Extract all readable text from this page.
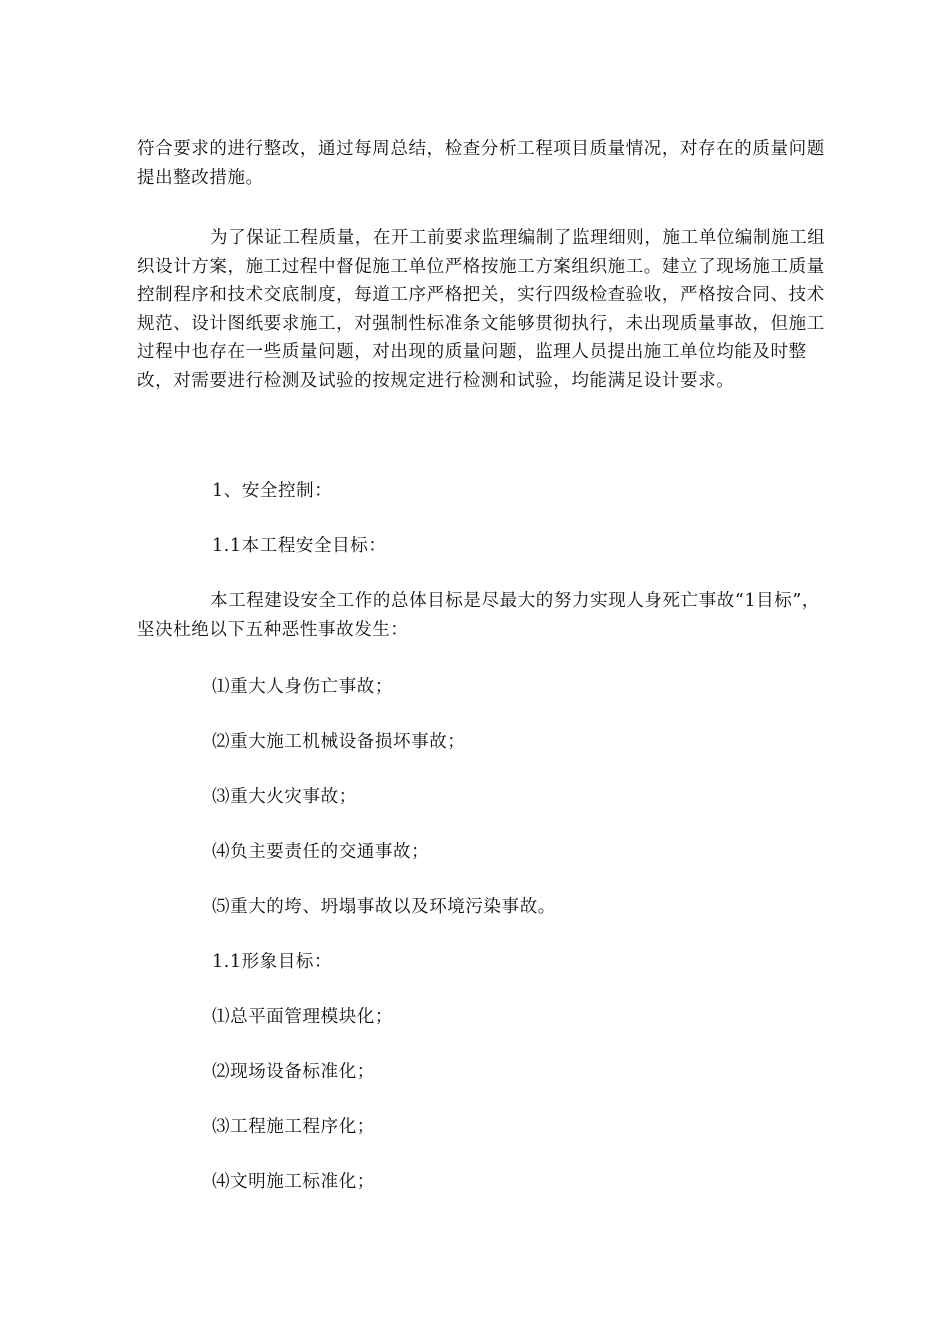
符合要求的进行整改，通过每周总结，检查分析工程项目质量情况，对存在的质量问题提出整改措施。

为了保证工程质量，在开工前要求监理编制了监理细则，施工单位编制施工组织设计方案，施工过程中督促施工单位严格按施工方案组织施工。建立了现场施工质量控制程序和技术交底制度，每道工序严格把关，实行四级检查验收，严格按合同、技术规范、设计图纸要求施工，对强制性标准条文能够贯彻执行，未出现质量事故，但施工过程中也存在一些质量问题，对出现的质量问题，监理人员提出施工单位均能及时整改，对需要进行检测及试验的按规定进行检测和试验，均能满足设计要求。

1、安全控制：

1.1本工程安全目标：

本工程建设安全工作的总体目标是尽最大的努力实现人身死亡事故“1目标”，坚决杜绝以下五种恶性事故发生：

⑴重大人身伤亡事故；

⑵重大施工机械设备损坏事故；

⑶重大火灾事故；

⑷负主要责任的交通事故；

⑸重大的垮、坍塌事故以及环境污染事故。

1.1形象目标：

⑴总平面管理模块化；

⑵现场设备标准化；

⑶工程施工程序化；

⑷文明施工标准化；
